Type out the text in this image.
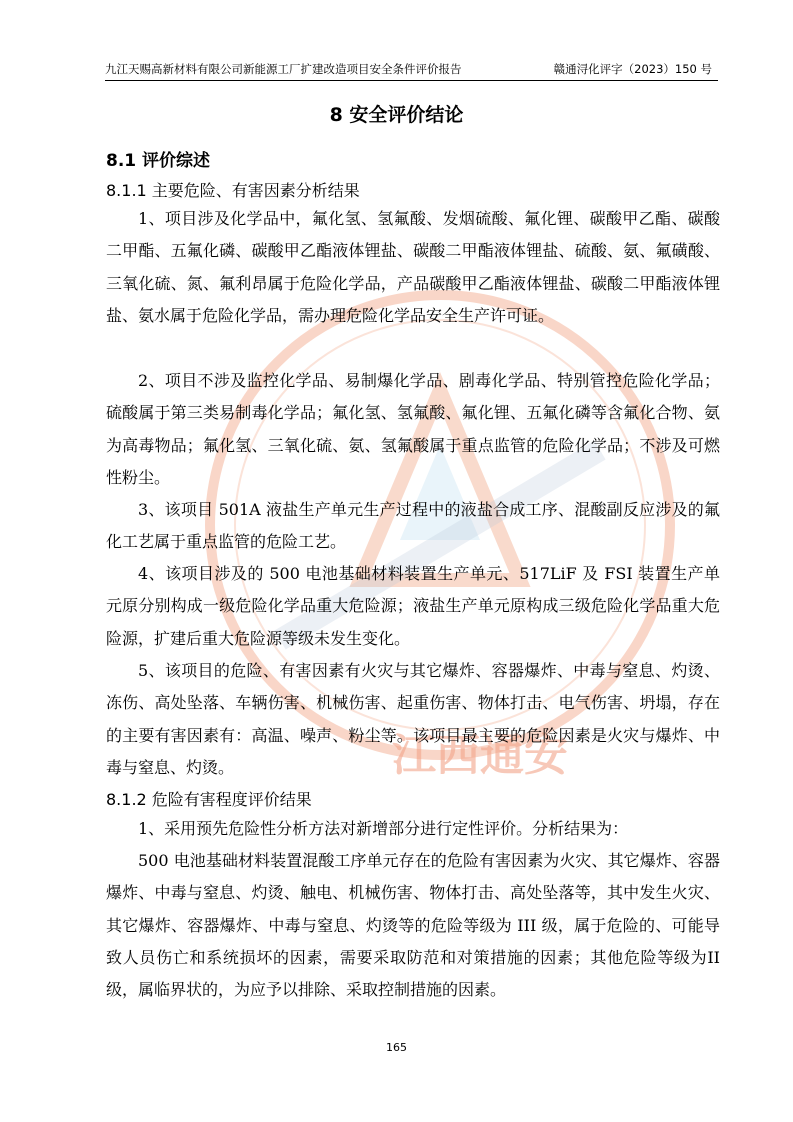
九江天赐高新材料有限公司新能源工厂扩建改造项目安全条件评价报告	赣通浔化评字（2023）150 号
江西通安
8 安全评价结论
8.1 评价综述
8.1.1 主要危险、有害因素分析结果

1、项目涉及化学品中，氟化氢、氢氟酸、发烟硫酸、氟化锂、碳酸甲乙酯、碳酸二甲酯、五氟化磷、碳酸甲乙酯液体锂盐、碳酸二甲酯液体锂盐、硫酸、氨、氟磺酸、三氧化硫、氮、氟利昂属于危险化学品，产品碳酸甲乙酯液体锂盐、碳酸二甲酯液体锂盐、氨水属于危险化学品，需办理危险化学品安全生产许可证。

2、项目不涉及监控化学品、易制爆化学品、剧毒化学品、特别管控危险化学品；硫酸属于第三类易制毒化学品；氟化氢、氢氟酸、氟化锂、五氟化磷等含氟化合物、氨为高毒物品；氟化氢、三氧化硫、氨、氢氟酸属于重点监管的危险化学品；不涉及可燃性粉尘。

3、该项目 501A 液盐生产单元生产过程中的液盐合成工序、混酸副反应涉及的氟化工艺属于重点监管的危险工艺。

4、该项目涉及的 500 电池基础材料装置生产单元、517LiF 及 FSI 装置生产单元原分别构成一级危险化学品重大危险源；液盐生产单元原构成三级危险化学品重大危险源，扩建后重大危险源等级未发生变化。

5、该项目的危险、有害因素有火灾与其它爆炸、容器爆炸、中毒与窒息、灼烫、冻伤、高处坠落、车辆伤害、机械伤害、起重伤害、物体打击、电气伤害、坍塌，存在的主要有害因素有：高温、噪声、粉尘等。该项目最主要的危险因素是火灾与爆炸、中毒与窒息、灼烫。

8.1.2 危险有害程度评价结果

1、采用预先危险性分析方法对新增部分进行定性评价。分析结果为：

500 电池基础材料装置混酸工序单元存在的危险有害因素为火灾、其它爆炸、容器爆炸、中毒与窒息、灼烫、触电、机械伤害、物体打击、高处坠落等，其中发生火灾、其它爆炸、容器爆炸、中毒与窒息、灼烫等的危险等级为 III 级，属于危险的、可能导致人员伤亡和系统损坏的因素，需要采取防范和对策措施的因素；其他危险等级为II级，属临界状的，为应予以排除、采取控制措施的因素。

165
